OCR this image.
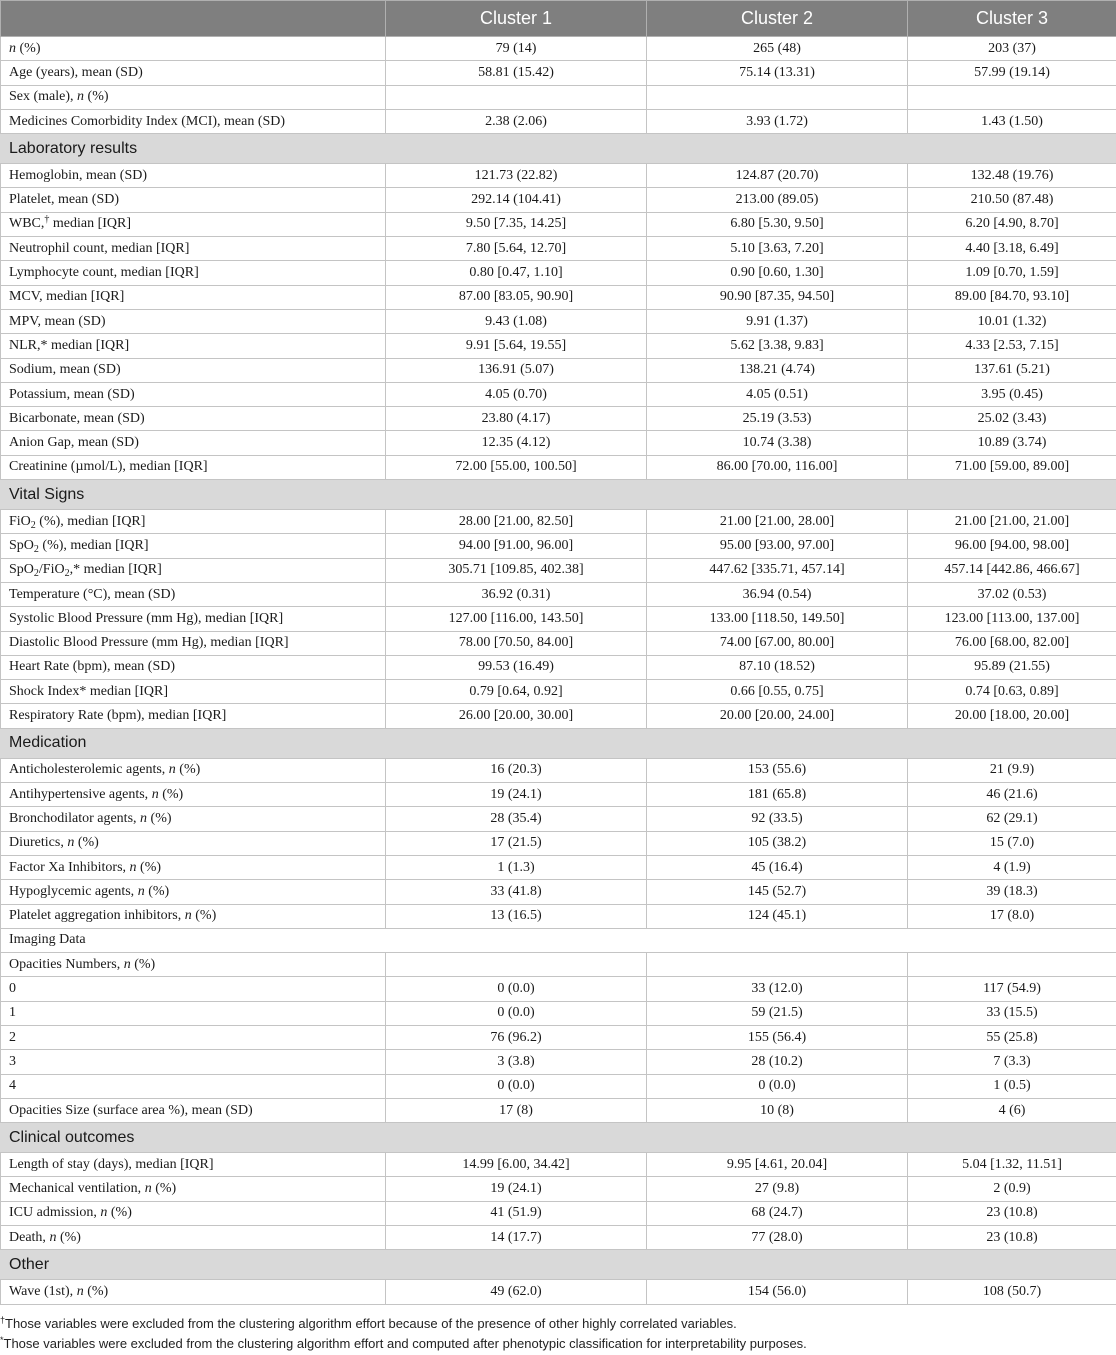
	Cluster 1	Cluster 2	Cluster 3
n (%)	79 (14)	265 (48)	203 (37)
Age (years), mean (SD)	58.81 (15.42)	75.14 (13.31)	57.99 (19.14)
Sex (male), n (%)			
Medicines Comorbidity Index (MCI), mean (SD)	2.38 (2.06)	3.93 (1.72)	1.43 (1.50)
Laboratory results			
Hemoglobin, mean (SD)	121.73 (22.82)	124.87 (20.70)	132.48 (19.76)
Platelet, mean (SD)	292.14 (104.41)	213.00 (89.05)	210.50 (87.48)
WBC,† median [IQR]	9.50 [7.35, 14.25]	6.80 [5.30, 9.50]	6.20 [4.90, 8.70]
Neutrophil count, median [IQR]	7.80 [5.64, 12.70]	5.10 [3.63, 7.20]	4.40 [3.18, 6.49]
Lymphocyte count, median [IQR]	0.80 [0.47, 1.10]	0.90 [0.60, 1.30]	1.09 [0.70, 1.59]
MCV, median [IQR]	87.00 [83.05, 90.90]	90.90 [87.35, 94.50]	89.00 [84.70, 93.10]
MPV, mean (SD)	9.43 (1.08)	9.91 (1.37)	10.01 (1.32)
NLR,* median [IQR]	9.91 [5.64, 19.55]	5.62 [3.38, 9.83]	4.33 [2.53, 7.15]
Sodium, mean (SD)	136.91 (5.07)	138.21 (4.74)	137.61 (5.21)
Potassium, mean (SD)	4.05 (0.70)	4.05 (0.51)	3.95 (0.45)
Bicarbonate, mean (SD)	23.80 (4.17)	25.19 (3.53)	25.02 (3.43)
Anion Gap, mean (SD)	12.35 (4.12)	10.74 (3.38)	10.89 (3.74)
Creatinine (µmol/L), median [IQR]	72.00 [55.00, 100.50]	86.00 [70.00, 116.00]	71.00 [59.00, 89.00]
Vital Signs			
FiO$_2$ (%), median [IQR]	28.00 [21.00, 82.50]	21.00 [21.00, 28.00]	21.00 [21.00, 21.00]
SpO$_2$ (%), median [IQR]	94.00 [91.00, 96.00]	95.00 [93.00, 97.00]	96.00 [94.00, 98.00]
SpO$_2$/FiO$_2$,* median [IQR]	305.71 [109.85, 402.38]	447.62 [335.71, 457.14]	457.14 [442.86, 466.67]
Temperature (°C), mean (SD)	36.92 (0.31)	36.94 (0.54)	37.02 (0.53)
Systolic Blood Pressure (mm Hg), median [IQR]	127.00 [116.00, 143.50]	133.00 [118.50, 149.50]	123.00 [113.00, 137.00]
Diastolic Blood Pressure (mm Hg), median [IQR]	78.00 [70.50, 84.00]	74.00 [67.00, 80.00]	76.00 [68.00, 82.00]
Heart Rate (bpm), mean (SD)	99.53 (16.49)	87.10 (18.52)	95.89 (21.55)
Shock Index* median [IQR]	0.79 [0.64, 0.92]	0.66 [0.55, 0.75]	0.74 [0.63, 0.89]
Respiratory Rate (bpm), median [IQR]	26.00 [20.00, 30.00]	20.00 [20.00, 24.00]	20.00 [18.00, 20.00]
Medication			
Anticholesterolemic agents, n (%)	16 (20.3)	153 (55.6)	21 (9.9)
Antihypertensive agents, n (%)	19 (24.1)	181 (65.8)	46 (21.6)
Bronchodilator agents, n (%)	28 (35.4)	92 (33.5)	62 (29.1)
Diuretics, n (%)	17 (21.5)	105 (38.2)	15 (7.0)
Factor Xa Inhibitors, n (%)	1 (1.3)	45 (16.4)	4 (1.9)
Hypoglycemic agents, n (%)	33 (41.8)	145 (52.7)	39 (18.3)
Platelet aggregation inhibitors, n (%)	13 (16.5)	124 (45.1)	17 (8.0)
Imaging Data			
Opacities Numbers, n (%)			
0	0 (0.0)	33 (12.0)	117 (54.9)
1	0 (0.0)	59 (21.5)	33 (15.5)
2	76 (96.2)	155 (56.4)	55 (25.8)
3	3 (3.8)	28 (10.2)	7 (3.3)
4	0 (0.0)	0 (0.0)	1 (0.5)
Opacities Size (surface area %), mean (SD)	17 (8)	10 (8)	4 (6)
Clinical outcomes			
Length of stay (days), median [IQR]	14.99 [6.00, 34.42]	9.95 [4.61, 20.04]	5.04 [1.32, 11.51]
Mechanical ventilation, n (%)	19 (24.1)	27 (9.8)	2 (0.9)
ICU admission, n (%)	41 (51.9)	68 (24.7)	23 (10.8)
Death, n (%)	14 (17.7)	77 (28.0)	23 (10.8)
Other			
Wave (1st), n (%)	49 (62.0)	154 (56.0)	108 (50.7)
†Those variables were excluded from the clustering algorithm effort because of the presence of other highly correlated variables.
*Those variables were excluded from the clustering algorithm effort and computed after phenotypic classification for interpretability purposes.
